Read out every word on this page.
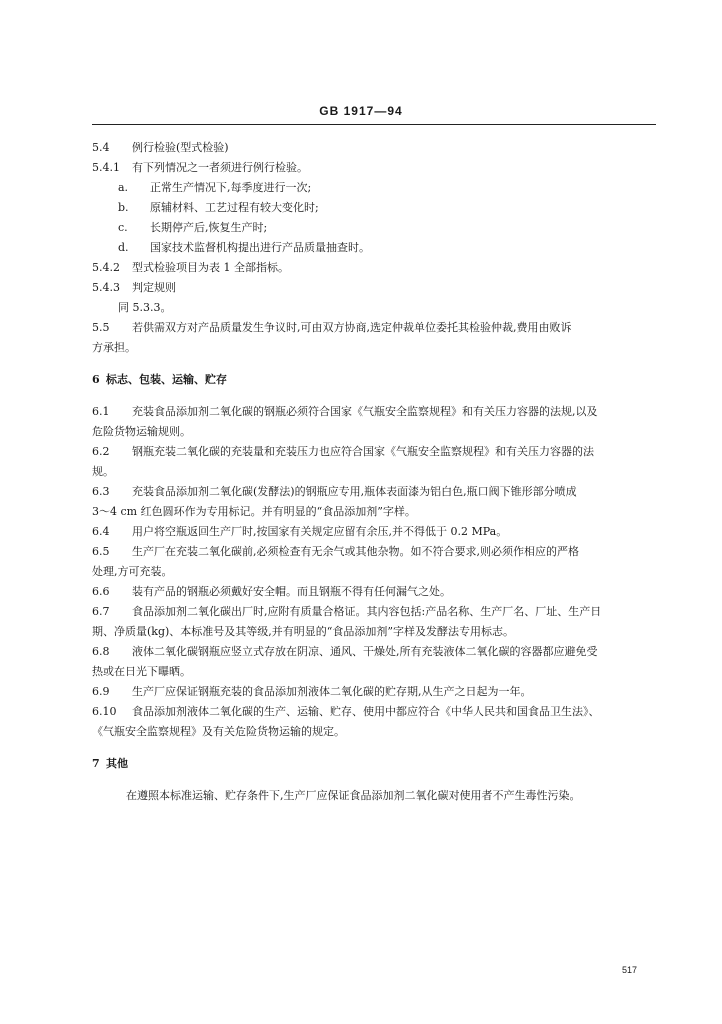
GB 1917—94
5.4 例行检验(型式检验)
5.4.1 有下列情况之一者须进行例行检验。
a. 正常生产情况下,每季度进行一次;
b. 原辅材料、工艺过程有较大变化时;
c. 长期停产后,恢复生产时;
d. 国家技术监督机构提出进行产品质量抽查时。
5.4.2 型式检验项目为表 1 全部指标。
5.4.3 判定规则
同 5.3.3。
5.5 若供需双方对产品质量发生争议时,可由双方协商,选定仲裁单位委托其检验仲裁,费用由败诉
方承担。
6 标志、包装、运输、贮存
6.1 充装食品添加剂二氧化碳的钢瓶必须符合国家《气瓶安全监察规程》和有关压力容器的法规,以及
危险货物运输规则。
6.2 钢瓶充装二氧化碳的充装量和充装压力也应符合国家《气瓶安全监察规程》和有关压力容器的法
规。
6.3 充装食品添加剂二氧化碳(发酵法)的钢瓶应专用,瓶体表面漆为铝白色,瓶口阀下锥形部分喷成
3～4 cm 红色圆环作为专用标记。并有明显的“食品添加剂”字样。
6.4 用户将空瓶返回生产厂时,按国家有关规定应留有余压,并不得低于 0.2 MPa。
6.5 生产厂在充装二氧化碳前,必须检查有无余气或其他杂物。如不符合要求,则必须作相应的严格
处理,方可充装。
6.6 装有产品的钢瓶必须戴好安全帽。而且钢瓶不得有任何漏气之处。
6.7 食品添加剂二氧化碳出厂时,应附有质量合格证。其内容包括:产品名称、生产厂名、厂址、生产日
期、净质量(kg)、本标准号及其等级,并有明显的“食品添加剂”字样及发酵法专用标志。
6.8 液体二氧化碳钢瓶应竖立式存放在阴凉、通风、干燥处,所有充装液体二氧化碳的容器都应避免受
热或在日光下曝晒。
6.9 生产厂应保证钢瓶充装的食品添加剂液体二氧化碳的贮存期,从生产之日起为一年。
6.10 食品添加剂液体二氧化碳的生产、运输、贮存、使用中都应符合《中华人民共和国食品卫生法》、
《气瓶安全监察规程》及有关危险货物运输的规定。
7 其他
在遵照本标准运输、贮存条件下,生产厂应保证食品添加剂二氧化碳对使用者不产生毒性污染。
517
